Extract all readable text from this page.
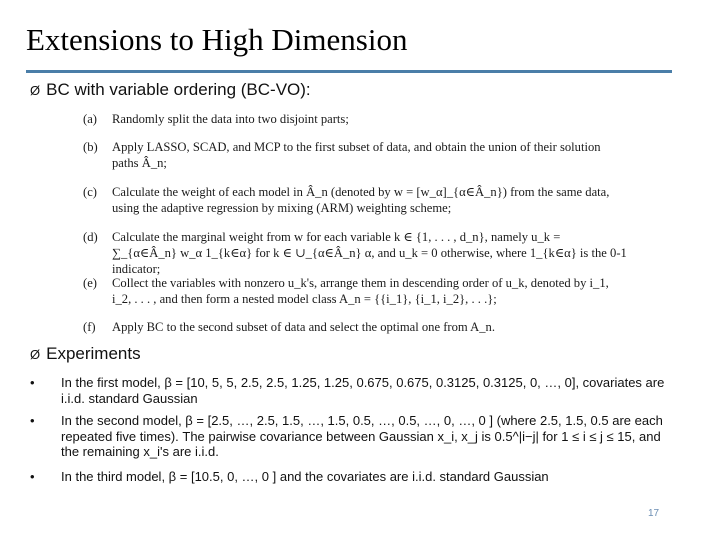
Extensions to High Dimension
Ø BC with variable ordering (BC-VO):
(a)	Randomly split the data into two disjoint parts;
(b)	Apply LASSO, SCAD, and MCP to the first subset of data, and obtain the union of their solution paths Â_n;
(c)	Calculate the weight of each model in Â_n (denoted by w = [w_α]_{α∈Â_n}) from the same data, using the adaptive regression by mixing (ARM) weighting scheme;
(d)	Calculate the marginal weight from w for each variable k ∈ {1, . . . , d_n}, namely u_k = ∑_{α∈Â_n} w_α 1_{k∈α} for k ∈ ∪_{α∈Â_n} α, and u_k = 0 otherwise, where 1_{k∈α} is the 0-1 indicator;
(e)	Collect the variables with nonzero u_k's, arrange them in descending order of u_k, denoted by i_1, i_2, . . . , and then form a nested model class A_n = {{i_1}, {i_1, i_2}, . . .};
(f)	Apply BC to the second subset of data and select the optimal one from A_n.
Ø Experiments
• In the first model, β = [10, 5, 5, 2.5, 2.5, 1.25, 1.25, 0.675, 0.675, 0.3125, 0.3125, 0, …, 0], covariates are i.i.d. standard Gaussian
• In the second model, β = [2.5, …, 2.5, 1.5, …, 1.5, 0.5, …, 0.5, …, 0, …, 0 ] (where 2.5, 1.5, 0.5 are each repeated five times). The pairwise covariance between Gaussian x_i, x_j is 0.5^|i−j| for 1 ≤ i ≤ j ≤ 15, and the remaining x_i's are i.i.d.
• In the third model, β = [10.5, 0, …, 0 ] and the covariates are i.i.d. standard Gaussian
17
